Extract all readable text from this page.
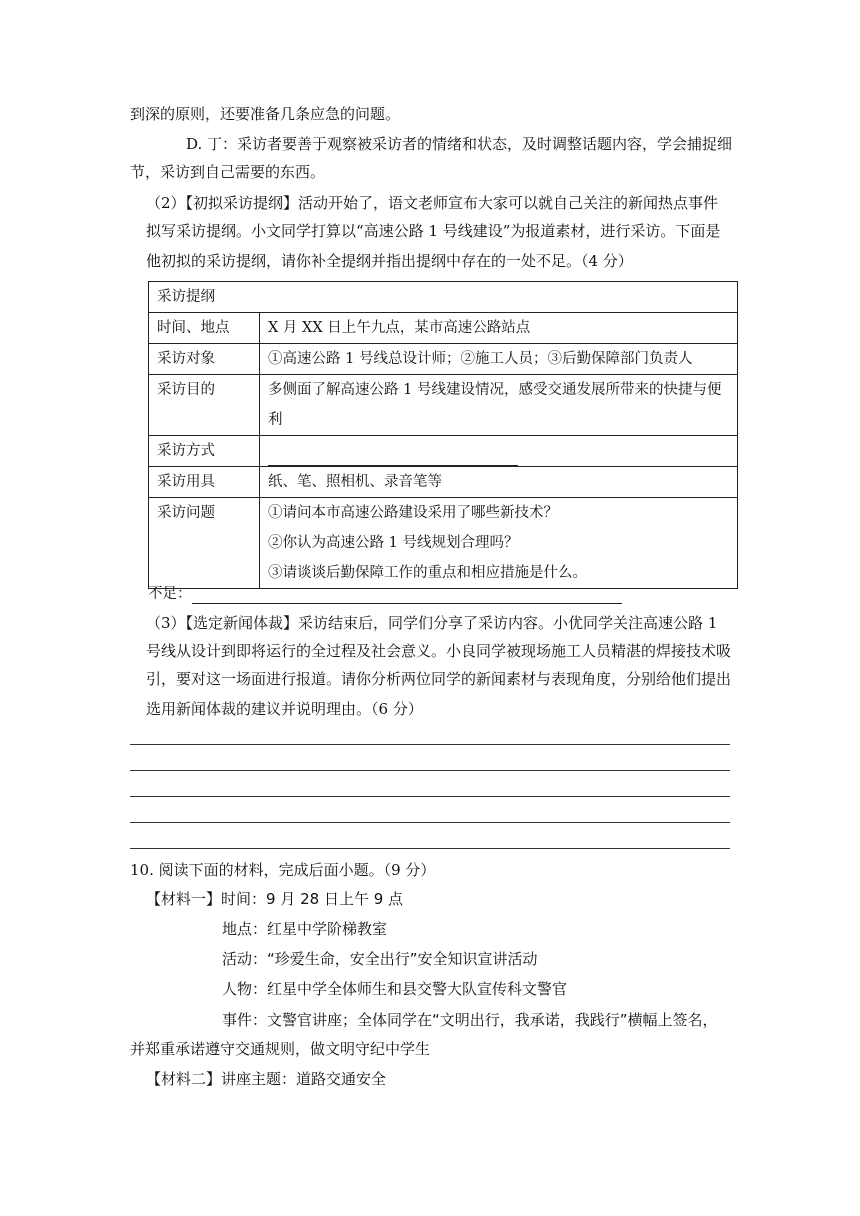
到深的原则，还要准备几条应急的问题。
D. 丁：采访者要善于观察被采访者的情绪和状态，及时调整话题内容，学会捕捉细
节，采访到自己需要的东西。
（2）【初拟采访提纲】活动开始了，语文老师宣布大家可以就自己关注的新闻热点事件
拟写采访提纲。小文同学打算以“高速公路 1 号线建设”为报道素材，进行采访。下面是
他初拟的采访提纲，请你补全提纲并指出提纲中存在的一处不足。（4 分）
采访提纲	
时间、地点	X 月 XX 日上午九点，某市高速公路站点
采访对象	①高速公路 1 号线总设计师；②施工人员；③后勤保障部门负责人
采访目的	多侧面了解高速公路 1 号线建设情况，感受交通发展所带来的快捷与便
利

采访方式	
采访用具	纸、笔、照相机、录音笔等
采访问题	①请问本市高速公路建设采用了哪些新技术？
②你认为高速公路 1 号线规划合理吗？
③请谈谈后勤保障工作的重点和相应措施是什么。
不足：
（3）【选定新闻体裁】采访结束后，同学们分享了采访内容。小优同学关注高速公路 1
号线从设计到即将运行的全过程及社会意义。小良同学被现场施工人员精湛的焊接技术吸
引，要对这一场面进行报道。请你分析两位同学的新闻素材与表现角度，分别给他们提出
选用新闻体裁的建议并说明理由。（6 分）
10. 阅读下面的材料，完成后面小题。（9 分）
【材料一】时间：9 月 28 日上午 9 点
地点：红星中学阶梯教室
活动：“珍爱生命，安全出行”安全知识宣讲活动
人物：红星中学全体师生和县交警大队宣传科文警官
事件：文警官讲座；全体同学在“文明出行，我承诺，我践行”横幅上签名，
并郑重承诺遵守交通规则，做文明守纪中学生
【材料二】讲座主题：道路交通安全
